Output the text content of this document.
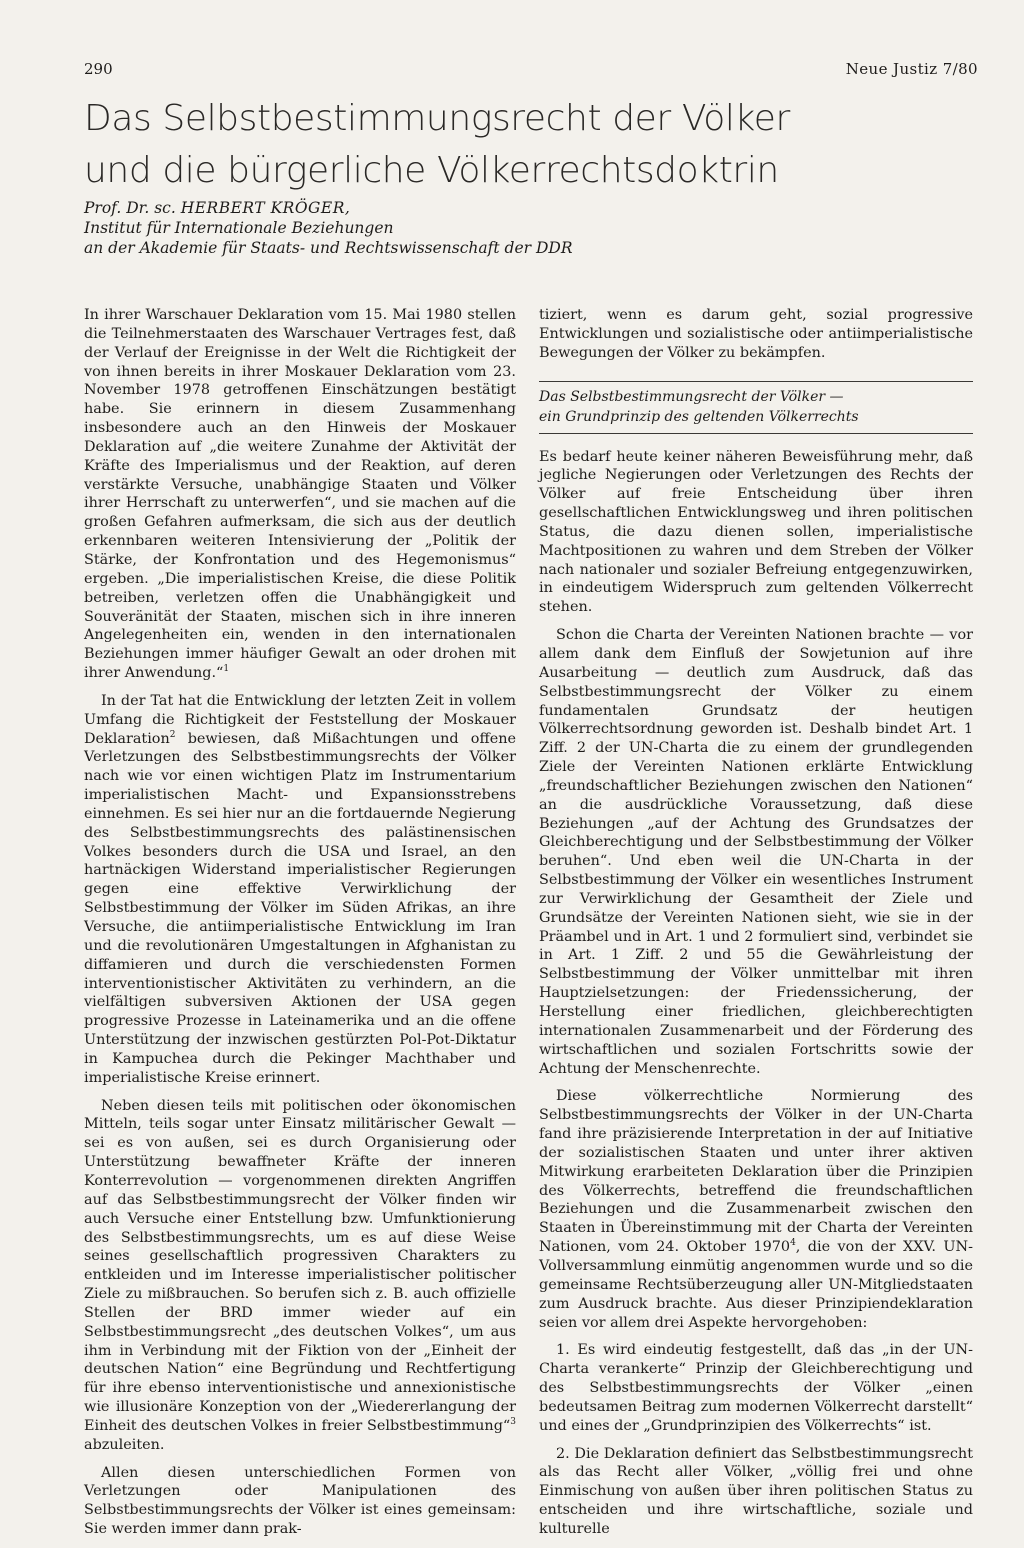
290	Neue Justiz 7/80
Das Selbstbestimmungsrecht der Völker
und die bürgerliche Völkerrechtsdoktrin
Prof. Dr. sc. HERBERT KRÖGER,
Institut für Internationale Beziehungen
an der Akademie für Staats- und Rechtswissenschaft der DDR

In ihrer Warschauer Deklaration vom 15. Mai 1980 stellen die Teilnehmerstaaten des Warschauer Vertrages fest, daß der Verlauf der Ereignisse in der Welt die Richtigkeit der von ihnen bereits in ihrer Moskauer Deklaration vom 23. November 1978 getroffenen Einschätzungen bestätigt habe. Sie erinnern in diesem Zusammenhang insbesondere auch an den Hinweis der Moskauer Deklaration auf „die weitere Zunahme der Aktivität der Kräfte des Imperialismus und der Reaktion, auf deren verstärkte Versuche, unabhängige Staaten und Völker ihrer Herrschaft zu unterwerfen“, und sie machen auf die großen Gefahren aufmerksam, die sich aus der deutlich erkennbaren weiteren Intensivierung der „Politik der Stärke, der Konfrontation und des Hegemonismus“ ergeben. „Die imperialistischen Kreise, die diese Politik betreiben, verletzen offen die Unabhängigkeit und Souveränität der Staaten, mischen sich in ihre inneren Angelegenheiten ein, wenden in den internationalen Beziehungen immer häufiger Gewalt an oder drohen mit ihrer Anwendung.“$^1$

In der Tat hat die Entwicklung der letzten Zeit in vollem Umfang die Richtigkeit der Feststellung der Moskauer Deklaration$^2$ bewiesen, daß Mißachtungen und offene Verletzungen des Selbstbestimmungsrechts der Völker nach wie vor einen wichtigen Platz im Instrumentarium imperialistischen Macht- und Expansionsstrebens einnehmen. Es sei hier nur an die fortdauernde Negierung des Selbstbestimmungsrechts des palästinensischen Volkes besonders durch die USA und Israel, an den hartnäckigen Widerstand imperialistischer Regierungen gegen eine effektive Verwirklichung der Selbstbestimmung der Völker im Süden Afrikas, an ihre Versuche, die antiimperialistische Entwicklung im Iran und die revolutionären Umgestaltungen in Afghanistan zu diffamieren und durch die verschiedensten Formen interventionistischer Aktivitäten zu verhindern, an die vielfältigen subversiven Aktionen der USA gegen progressive Prozesse in Lateinamerika und an die offene Unterstützung der inzwischen gestürzten Pol-Pot-Diktatur in Kampuchea durch die Pekinger Machthaber und imperialistische Kreise erinnert.

Neben diesen teils mit politischen oder ökonomischen Mitteln, teils sogar unter Einsatz militärischer Gewalt — sei es von außen, sei es durch Organisierung oder Unterstützung bewaffneter Kräfte der inneren Konterrevolution — vorgenommenen direkten Angriffen auf das Selbstbestimmungsrecht der Völker finden wir auch Versuche einer Entstellung bzw. Umfunktionierung des Selbstbestimmungsrechts, um es auf diese Weise seines gesellschaftlich progressiven Charakters zu entkleiden und im Interesse imperialistischer politischer Ziele zu mißbrauchen. So berufen sich z. B. auch offizielle Stellen der BRD immer wieder auf ein Selbstbestimmungsrecht „des deutschen Volkes“, um aus ihm in Verbindung mit der Fiktion von der „Einheit der deutschen Nation“ eine Begründung und Rechtfertigung für ihre ebenso interventionistische und annexionistische wie illusionäre Konzeption von der „Wiedererlangung der Einheit des deutschen Volkes in freier Selbstbestimmung“$^3$ abzuleiten.

Allen diesen unterschiedlichen Formen von Verletzungen oder Manipulationen des Selbstbestimmungsrechts der Völker ist eines gemeinsam: Sie werden immer dann prak-

tiziert, wenn es darum geht, sozial progressive Entwicklungen und sozialistische oder antiimperialistische Bewegungen der Völker zu bekämpfen.

Das Selbstbestimmungsrecht der Völker —
ein Grundprinzip des geltenden Völkerrechts

Es bedarf heute keiner näheren Beweisführung mehr, daß jegliche Negierungen oder Verletzungen des Rechts der Völker auf freie Entscheidung über ihren gesellschaftlichen Entwicklungsweg und ihren politischen Status, die dazu dienen sollen, imperialistische Machtpositionen zu wahren und dem Streben der Völker nach nationaler und sozialer Befreiung entgegenzuwirken, in eindeutigem Widerspruch zum geltenden Völkerrecht stehen.

Schon die Charta der Vereinten Nationen brachte — vor allem dank dem Einfluß der Sowjetunion auf ihre Ausarbeitung — deutlich zum Ausdruck, daß das Selbstbestimmungsrecht der Völker zu einem fundamentalen Grundsatz der heutigen Völkerrechtsordnung geworden ist. Deshalb bindet Art. 1 Ziff. 2 der UN-Charta die zu einem der grundlegenden Ziele der Vereinten Nationen erklärte Entwicklung „freundschaftlicher Beziehungen zwischen den Nationen“ an die ausdrückliche Voraussetzung, daß diese Beziehungen „auf der Achtung des Grundsatzes der Gleichberechtigung und der Selbstbestimmung der Völker beruhen“. Und eben weil die UN-Charta in der Selbstbestimmung der Völker ein wesentliches Instrument zur Verwirklichung der Gesamtheit der Ziele und Grundsätze der Vereinten Nationen sieht, wie sie in der Präambel und in Art. 1 und 2 formuliert sind, verbindet sie in Art. 1 Ziff. 2 und 55 die Gewährleistung der Selbstbestimmung der Völker unmittelbar mit ihren Hauptzielsetzungen: der Friedenssicherung, der Herstellung einer friedlichen, gleichberechtigten internationalen Zusammenarbeit und der Förderung des wirtschaftlichen und sozialen Fortschritts sowie der Achtung der Menschenrechte.

Diese völkerrechtliche Normierung des Selbstbestimmungsrechts der Völker in der UN-Charta fand ihre präzisierende Interpretation in der auf Initiative der sozialistischen Staaten und unter ihrer aktiven Mitwirkung erarbeiteten Deklaration über die Prinzipien des Völkerrechts, betreffend die freundschaftlichen Beziehungen und die Zusammenarbeit zwischen den Staaten in Übereinstimmung mit der Charta der Vereinten Nationen, vom 24. Oktober 1970$^4$, die von der XXV. UN-Vollversammlung einmütig angenommen wurde und so die gemeinsame Rechtsüberzeugung aller UN-Mitgliedstaaten zum Ausdruck brachte. Aus dieser Prinzipiendeklaration seien vor allem drei Aspekte hervorgehoben:

1. Es wird eindeutig festgestellt, daß das „in der UN-Charta verankerte“ Prinzip der Gleichberechtigung und des Selbstbestimmungsrechts der Völker „einen bedeutsamen Beitrag zum modernen Völkerrecht darstellt“ und eines der „Grundprinzipien des Völkerrechts“ ist.

2. Die Deklaration definiert das Selbstbestimmungsrecht als das Recht aller Völker, „völlig frei und ohne Einmischung von außen über ihren politischen Status zu entscheiden und ihre wirtschaftliche, soziale und kulturelle
